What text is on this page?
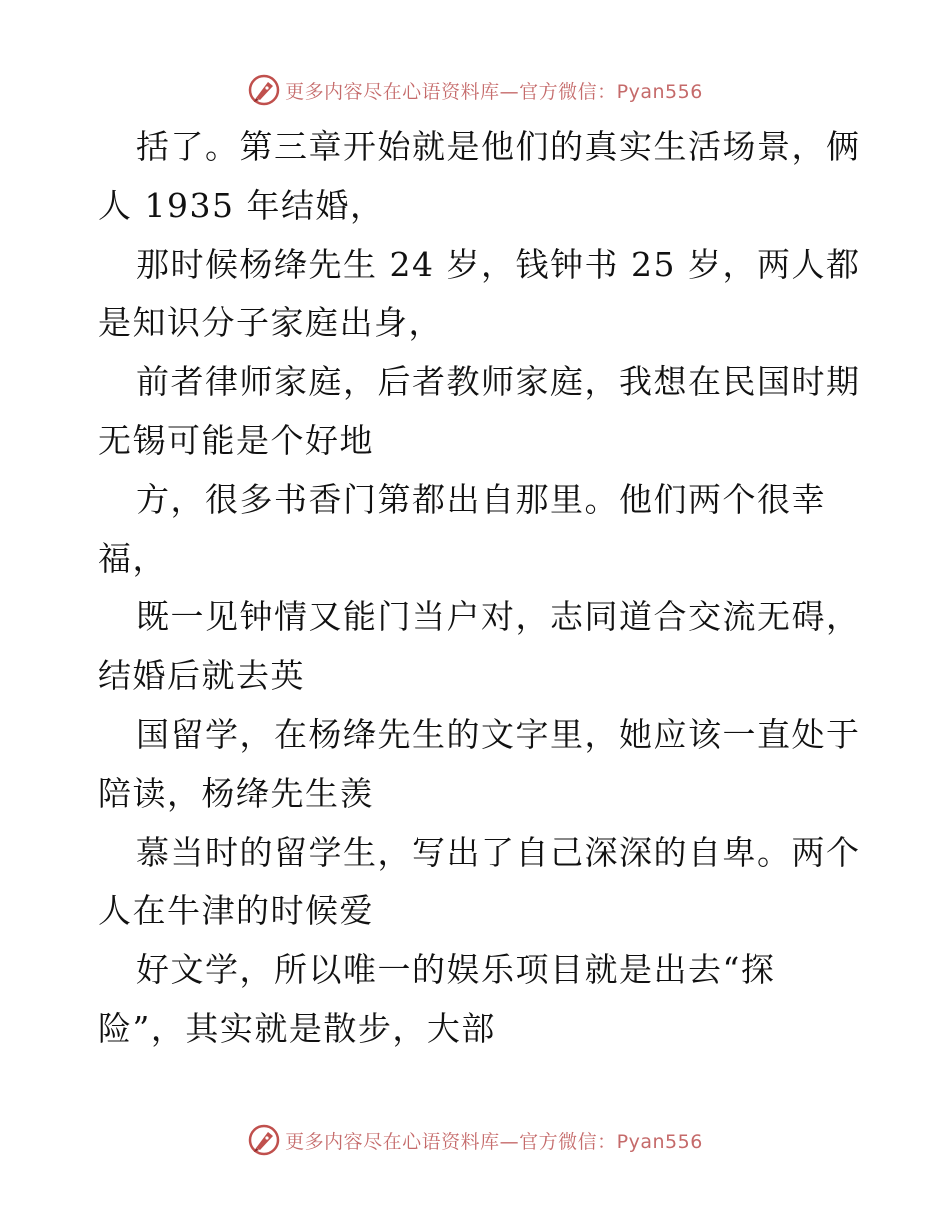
更多内容尽在心语资料库—官方微信：Pyan556
括了。第三章开始就是他们的真实生活场景，俩
人 1935 年结婚，
那时候杨绛先生 24 岁，钱钟书 25 岁，两人都
是知识分子家庭出身，
前者律师家庭，后者教师家庭，我想在民国时期
无锡可能是个好地
方，很多书香门第都出自那里。他们两个很幸
福，
既一见钟情又能门当户对，志同道合交流无碍，
结婚后就去英
国留学，在杨绛先生的文字里，她应该一直处于
陪读，杨绛先生羡
慕当时的留学生，写出了自己深深的自卑。两个
人在牛津的时候爱
好文学，所以唯一的娱乐项目就是出去“探
险”，其实就是散步，大部
更多内容尽在心语资料库—官方微信：Pyan556
